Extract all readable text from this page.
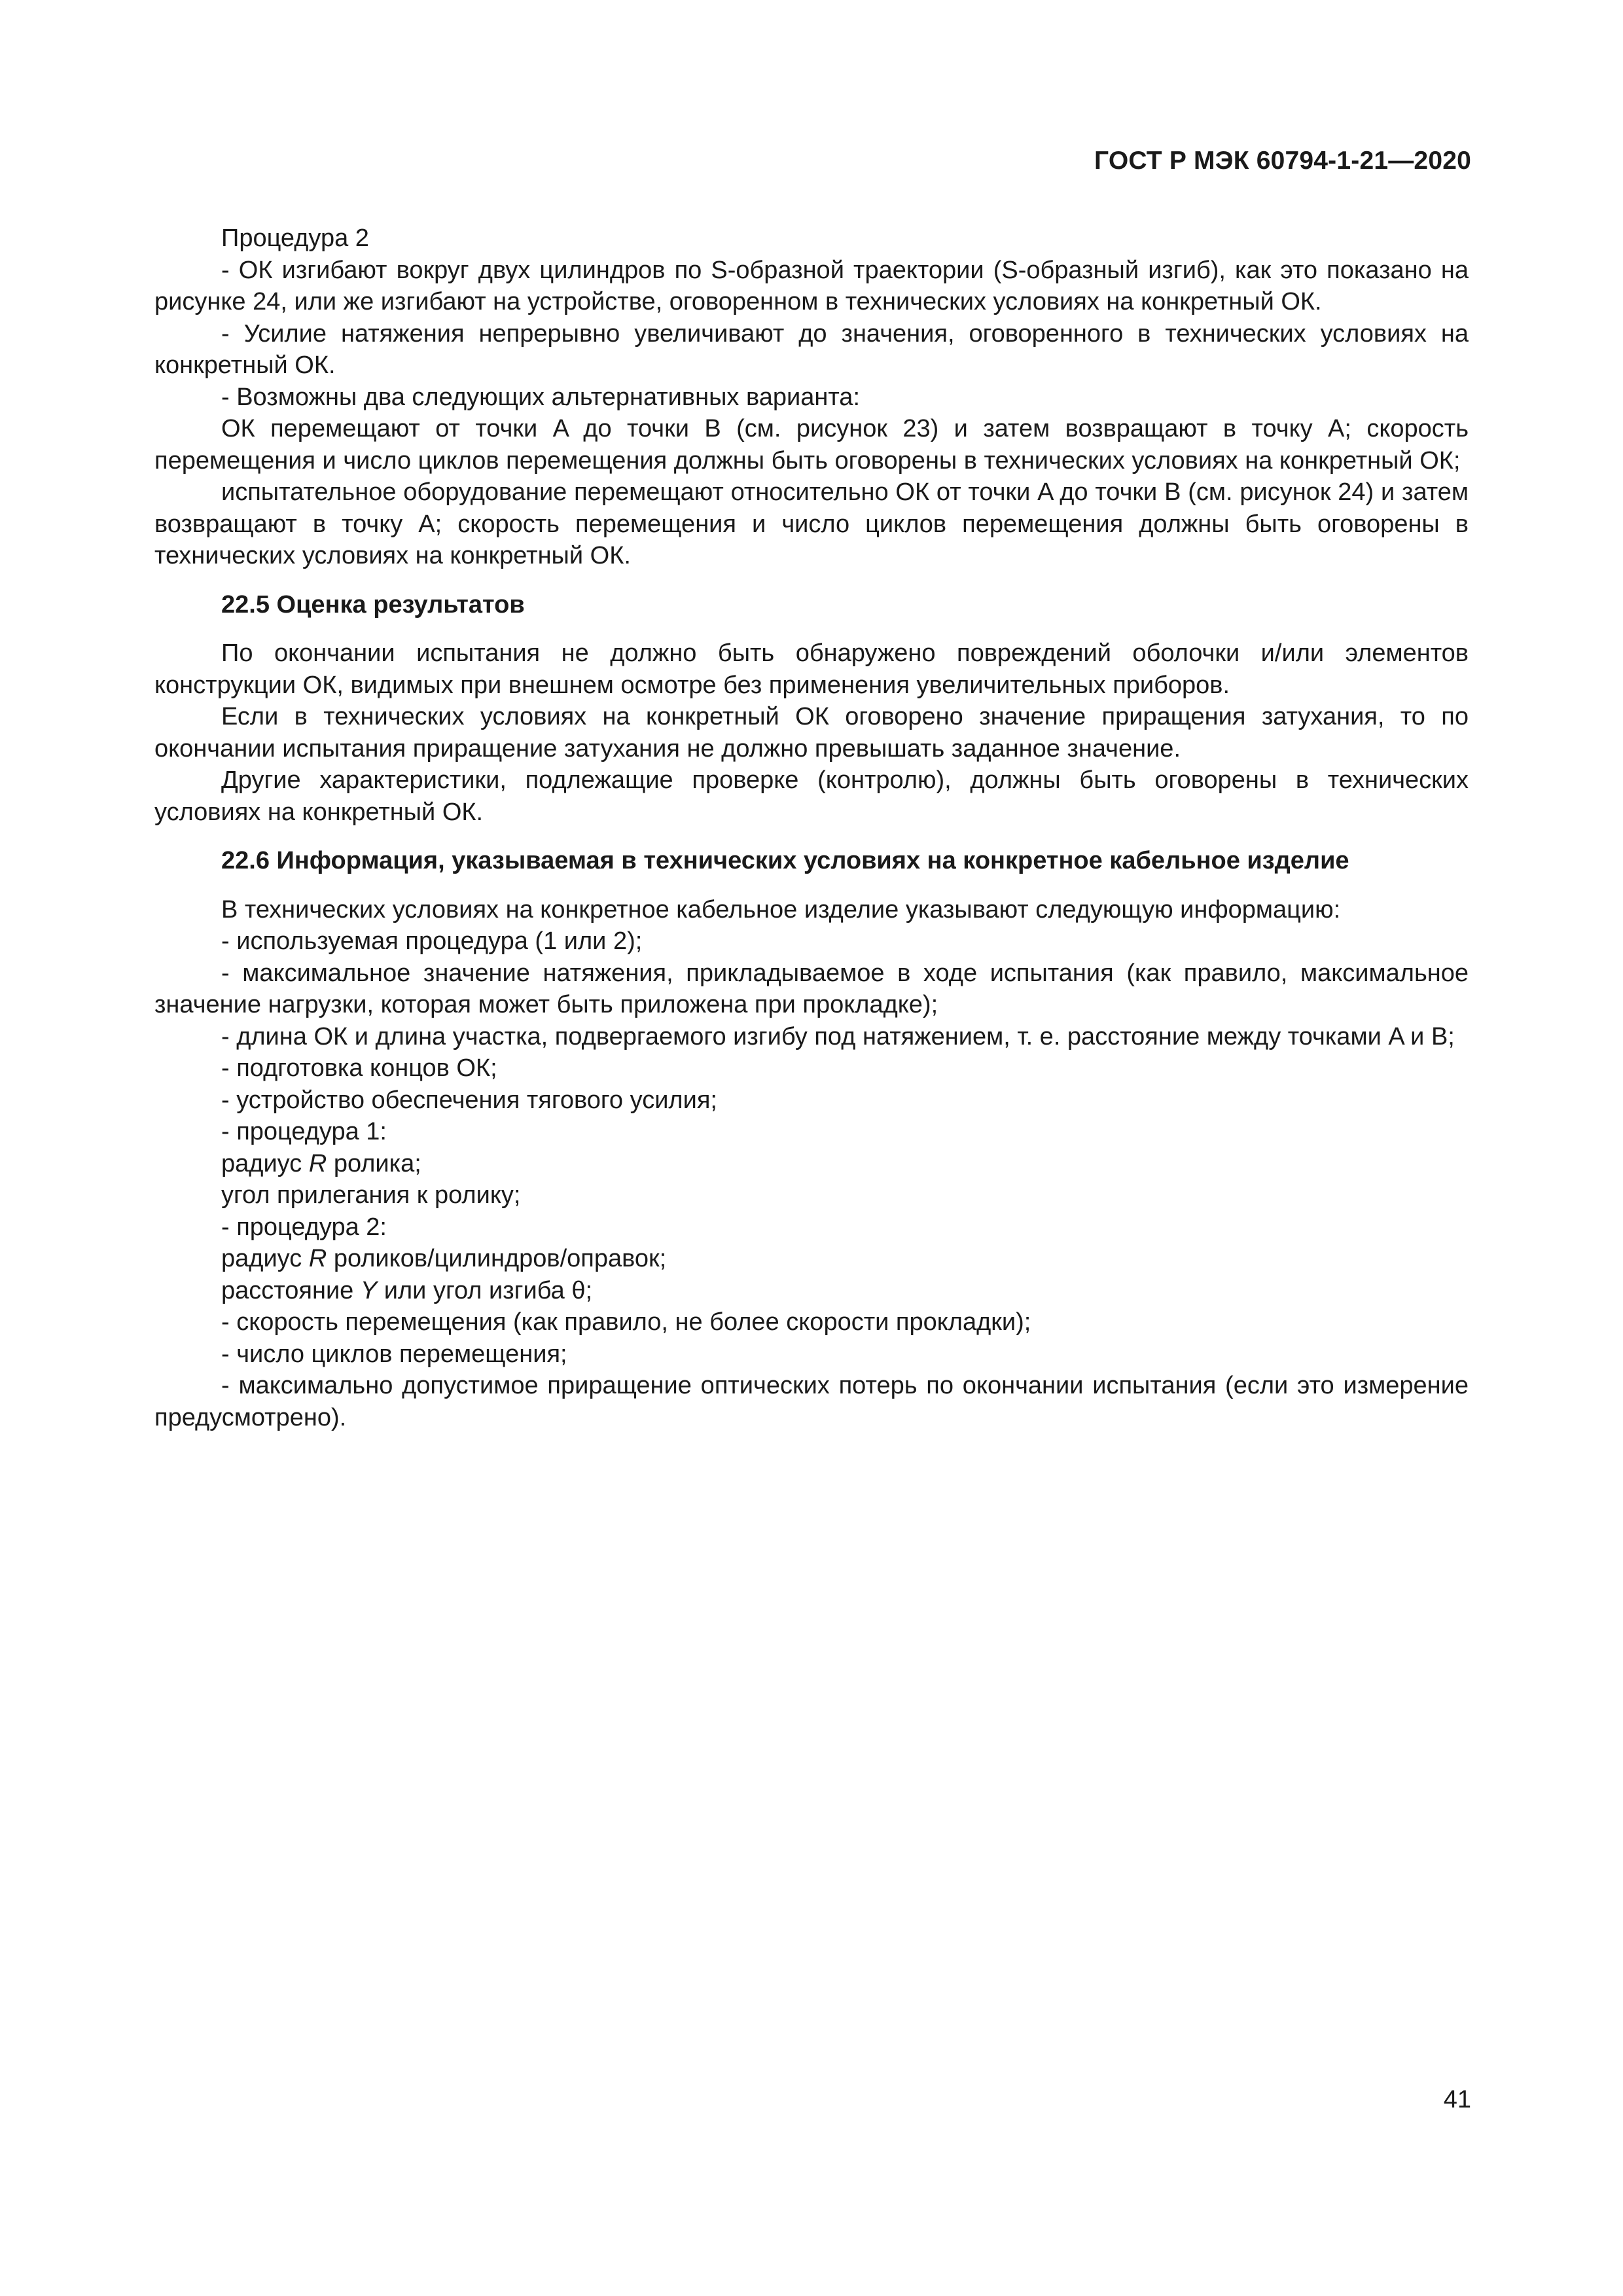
ГОСТ Р МЭК 60794-1-21—2020

Процедура 2

- ОК изгибают вокруг двух цилиндров по S-образной траектории (S-образный изгиб), как это показано на рисунке 24, или же изгибают на устройстве, оговоренном в технических условиях на конкретный ОК.

- Усилие натяжения непрерывно увеличивают до значения, оговоренного в технических условиях на конкретный ОК.

- Возможны два следующих альтернативных варианта:

ОК перемещают от точки A до точки B (см. рисунок 23) и затем возвращают в точку A; скорость перемещения и число циклов перемещения должны быть оговорены в технических условиях на конкретный ОК;

испытательное оборудование перемещают относительно ОК от точки A до точки B (см. рисунок 24) и затем возвращают в точку A; скорость перемещения и число циклов перемещения должны быть оговорены в технических условиях на конкретный ОК.

22.5 Оценка результатов

По окончании испытания не должно быть обнаружено повреждений оболочки и/или элементов конструкции ОК, видимых при внешнем осмотре без применения увеличительных приборов.

Если в технических условиях на конкретный ОК оговорено значение приращения затухания, то по окончании испытания приращение затухания не должно превышать заданное значение.

Другие характеристики, подлежащие проверке (контролю), должны быть оговорены в технических условиях на конкретный ОК.

22.6 Информация, указываемая в технических условиях на конкретное кабельное изделие

В технических условиях на конкретное кабельное изделие указывают следующую информацию:

- используемая процедура (1 или 2);

- максимальное значение натяжения, прикладываемое в ходе испытания (как правило, максимальное значение нагрузки, которая может быть приложена при прокладке);

- длина ОК и длина участка, подвергаемого изгибу под натяжением, т. е. расстояние между точками A и B;

- подготовка концов ОК;

- устройство обеспечения тягового усилия;

- процедура 1:

радиус R ролика;

угол прилегания к ролику;

- процедура 2:

радиус R роликов/цилиндров/оправок;

расстояние Y или угол изгиба θ;

- скорость перемещения (как правило, не более скорости прокладки);

- число циклов перемещения;

- максимально допустимое приращение оптических потерь по окончании испытания (если это измерение предусмотрено).

41
